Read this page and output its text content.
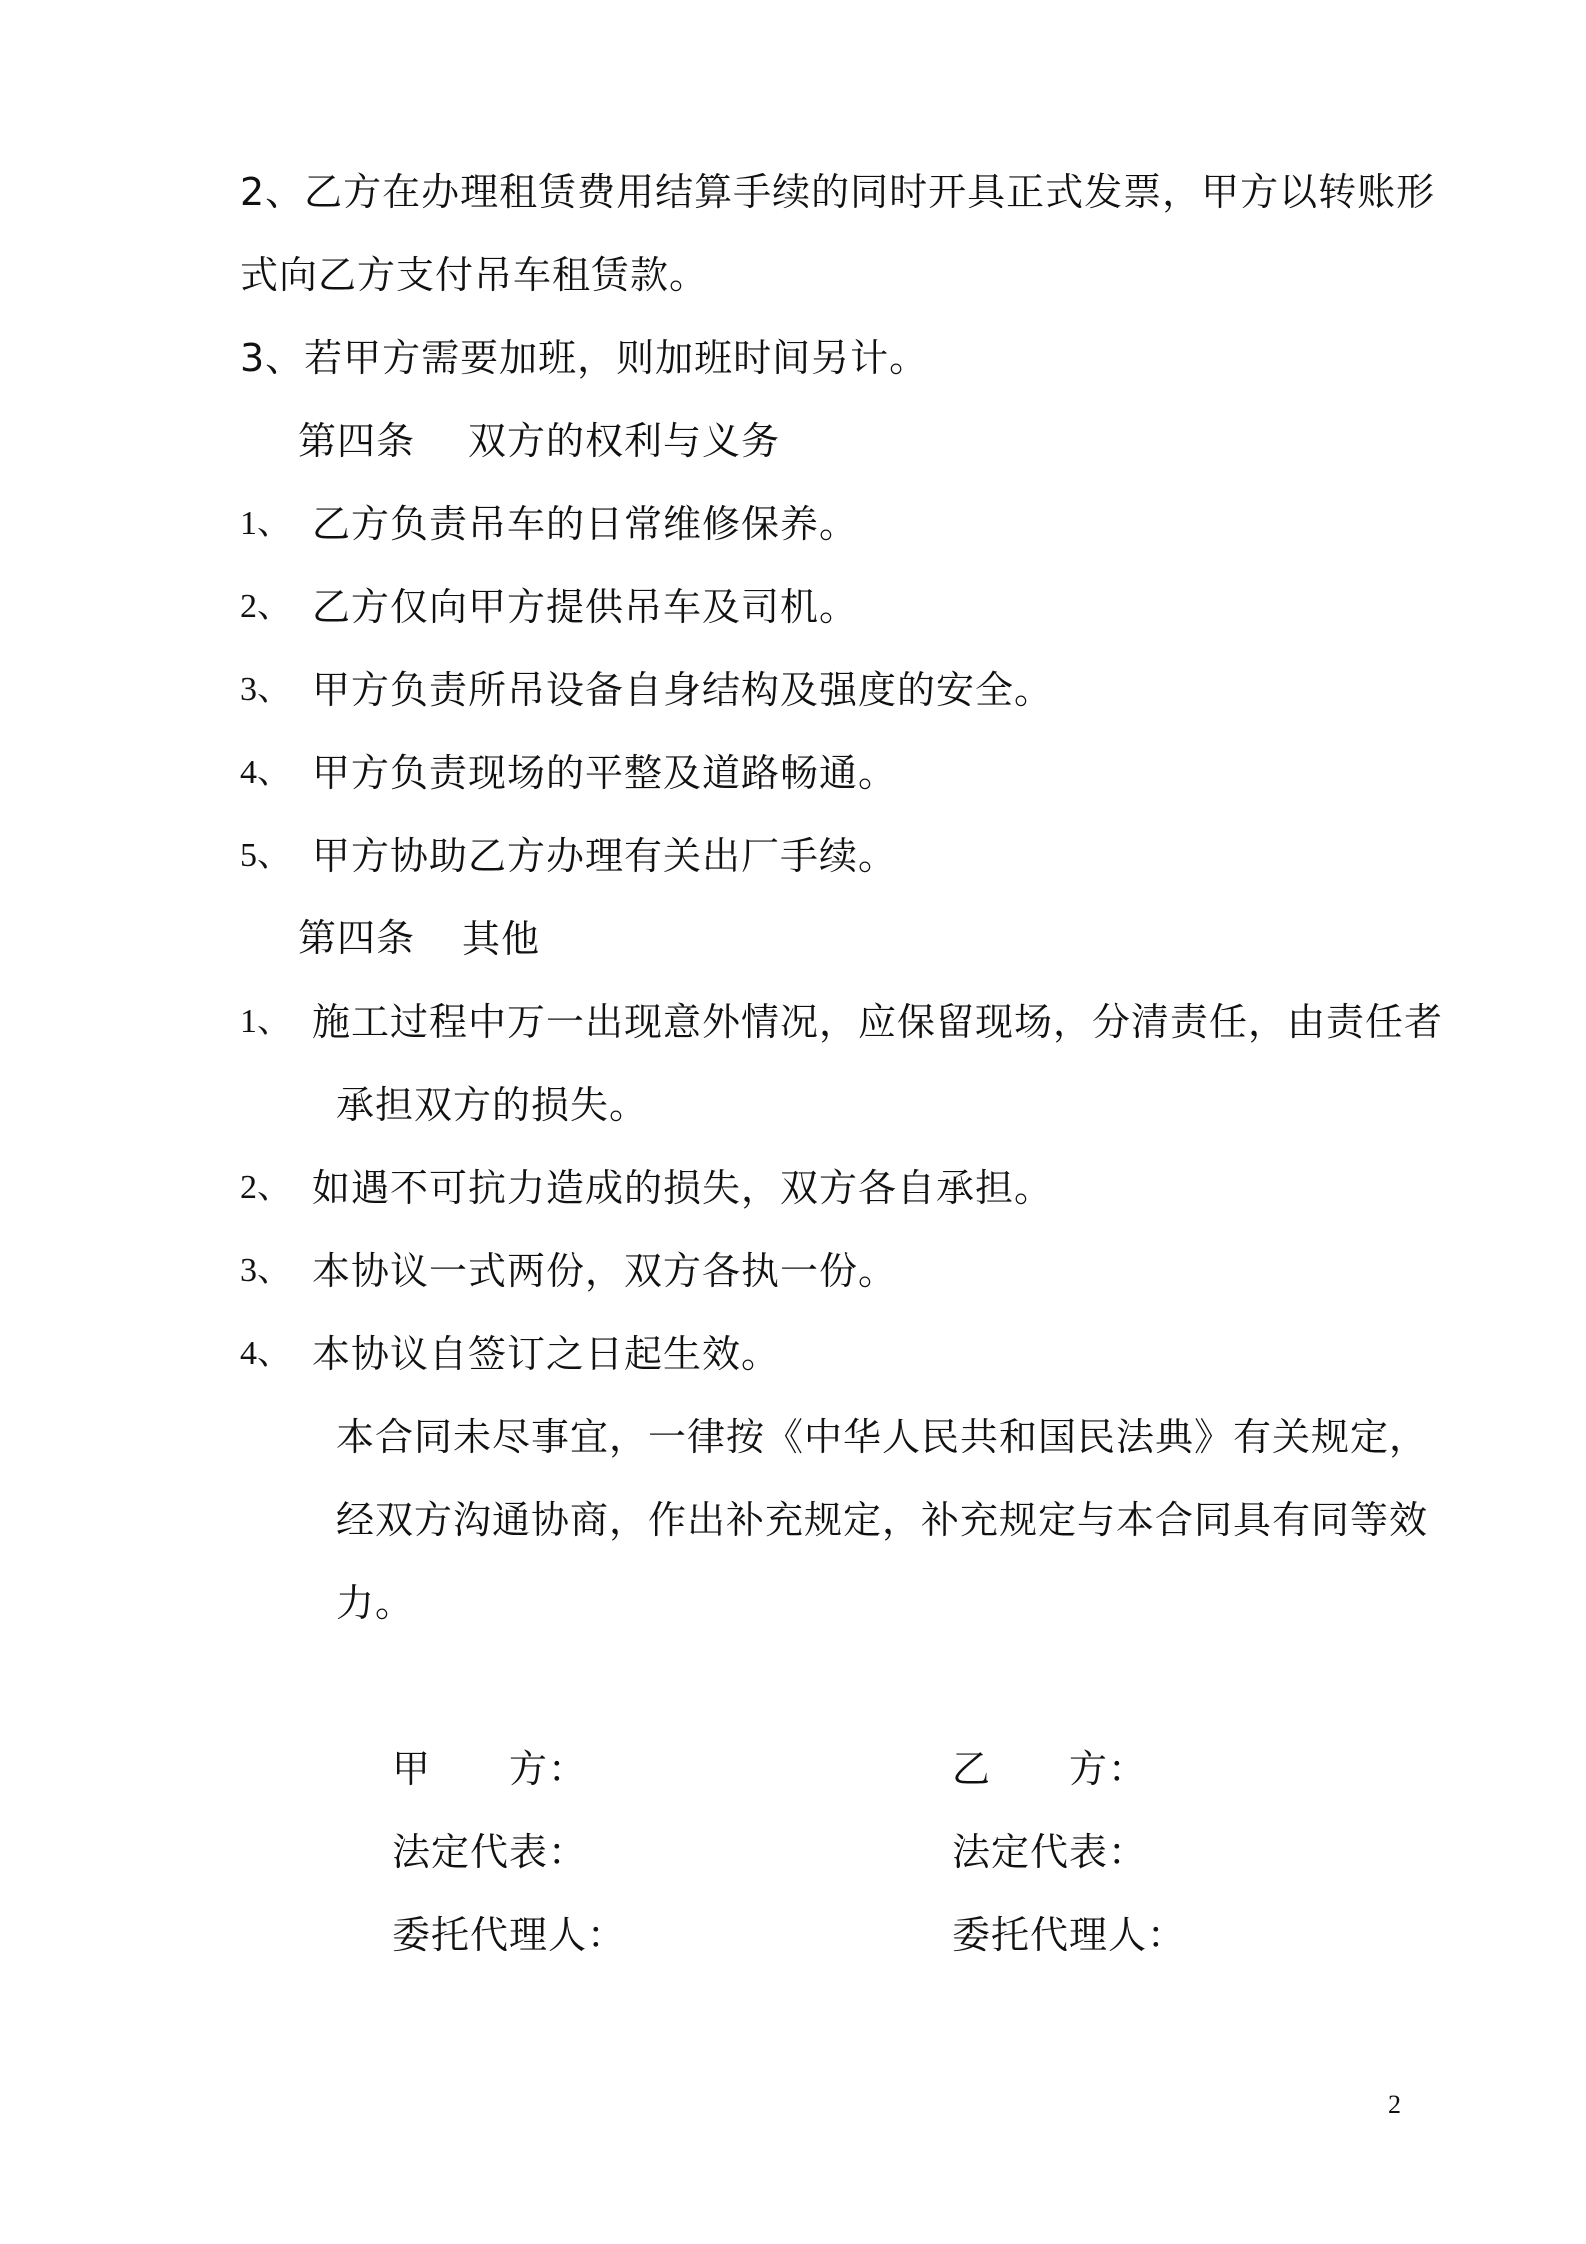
2、乙方在办理租赁费用结算手续的同时开具正式发票，甲方以转账形
式向乙方支付吊车租赁款。
3、若甲方需要加班，则加班时间另计。
第四条 双方的权利与义务
1、 乙方负责吊车的日常维修保养。
2、 乙方仅向甲方提供吊车及司机。
3、 甲方负责所吊设备自身结构及强度的安全。
4、 甲方负责现场的平整及道路畅通。
5、 甲方协助乙方办理有关出厂手续。
第四条 其他
1、 施工过程中万一出现意外情况，应保留现场，分清责任，由责任者
承担双方的损失。
2、 如遇不可抗力造成的损失，双方各自承担。
3、 本协议一式两份，双方各执一份。
4、 本协议自签订之日起生效。
本合同未尽事宜，一律按《中华人民共和国民法典》有关规定，
经双方沟通协商，作出补充规定，补充规定与本合同具有同等效
力。
甲　　方：	乙　　方：
法定代表：	法定代表：
委托代理人：	委托代理人：
2
